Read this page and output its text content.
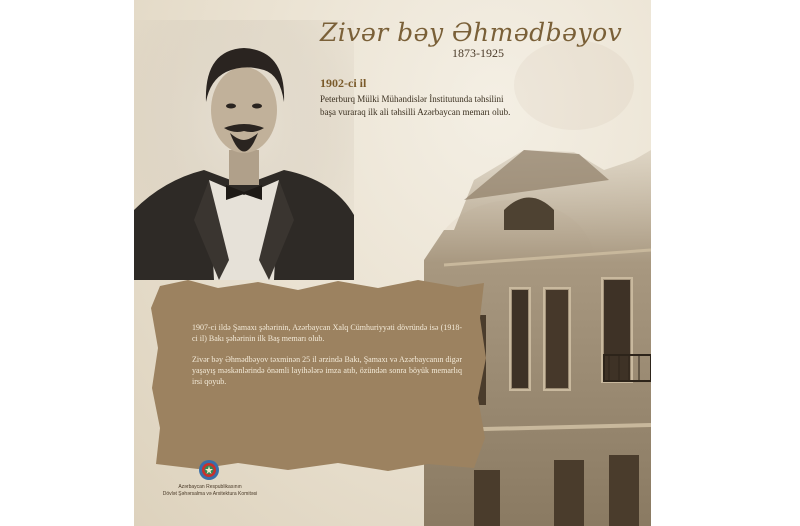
Zivər bəy Əhmədbəyov
1873-1925
1902-ci il
Peterburq Mülki Mühəndislər İnstitutunda təhsilini başa vuraraq ilk ali təhsilli Azərbaycan memarı olub.

1907-ci ildə Şamaxı şəhərinin, Azərbaycan Xalq Cümhuriyyəti dövründə isə (1918-ci il) Bakı şəhərinin ilk Baş memarı olub.

Zivər bəy Əhmədbəyov təxminən 25 il ərzində Bakı, Şamaxı və Azərbaycanın digər yaşayış məskənlərində önəmli layihələrə imza atıb, özündən sonra böyük memarlıq irsi qoyub.

Azərbaycan Respublikasının
Dövlət Şəhərsalma və Arxitektura Komitəsi
